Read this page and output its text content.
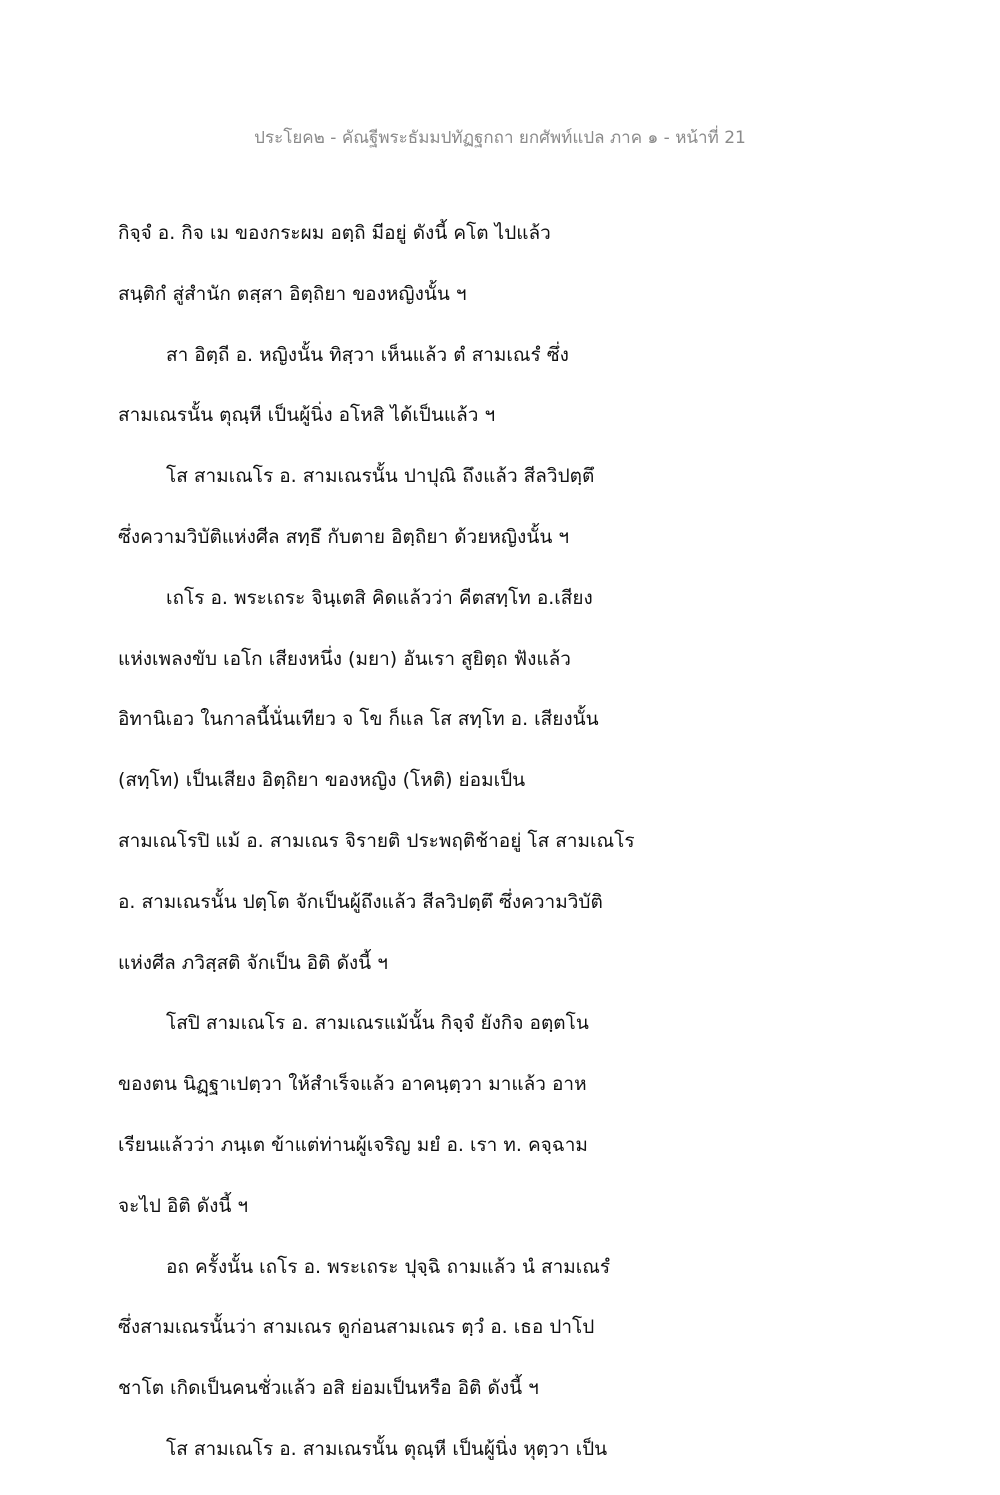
ประโยค๒ - คัณฐีพระธัมมปทัฏฐกถา ยกศัพท์แปล ภาค ๑ - หน้าที่ 21
กิจฺจํ อ. กิจ เม ของกระผม อตฺถิ มีอยู่ ดังนี้ คโต ไปแล้ว
สนฺติกํ สู่สำนัก ตสฺสา อิตฺถิยา ของหญิงนั้น ฯ
สา อิตฺถี อ. หญิงนั้น ทิสฺวา เห็นแล้ว ตํ สามเณรํ ซึ่ง
สามเณรนั้น ตุณฺหี เป็นผู้นิ่ง อโหสิ ได้เป็นแล้ว ฯ
โส สามเณโร อ. สามเณรนั้น ปาปุณิ ถึงแล้ว สีลวิปตฺตึ
ซึ่งความวิบัติแห่งศีล สทฺธึ กับตาย อิตฺถิยา ด้วยหญิงนั้น ฯ
เถโร อ. พระเถระ จินฺเตสิ คิดแล้วว่า คีตสทฺโท อ.เสียง
แห่งเพลงขับ เอโก เสียงหนึ่ง (มยา) อันเรา สูยิตฺถ ฟังแล้ว
อิทานิเอว ในกาลนี้นั่นเทียว จ โข ก็แล โส สทฺโท อ. เสียงนั้น
(สทฺโท) เป็นเสียง อิตฺถิยา ของหญิง (โหติ) ย่อมเป็น
สามเณโรปิ แม้ อ. สามเณร จิรายติ ประพฤติช้าอยู่ โส สามเณโร
อ. สามเณรนั้น ปตฺโต จักเป็นผู้ถึงแล้ว สีลวิปตฺตึ ซึ่งความวิบัติ
แห่งศีล ภวิสฺสติ จักเป็น อิติ ดังนี้ ฯ
โสปิ สามเณโร อ. สามเณรแม้นั้น กิจฺจํ ยังกิจ อตฺตโน
ของตน นิฏฺฐาเปตฺวา ให้สำเร็จแล้ว อาคนฺตฺวา มาแล้ว อาห
เรียนแล้วว่า ภนฺเต ข้าแต่ท่านผู้เจริญ มยํ อ. เรา ท. คจฺฉาม
จะไป อิติ ดังนี้ ฯ
อถ ครั้งนั้น เถโร อ. พระเถระ ปุจฺฉิ ถามแล้ว นํ สามเณรํ
ซึ่งสามเณรนั้นว่า สามเณร ดูก่อนสามเณร ตฺวํ อ. เธอ ปาโป
ชาโต เกิดเป็นคนชั่วแล้ว อสิ ย่อมเป็นหรือ อิติ ดังนี้ ฯ
โส สามเณโร อ. สามเณรนั้น ตุณฺหี เป็นผู้นิ่ง หุตฺวา เป็น
